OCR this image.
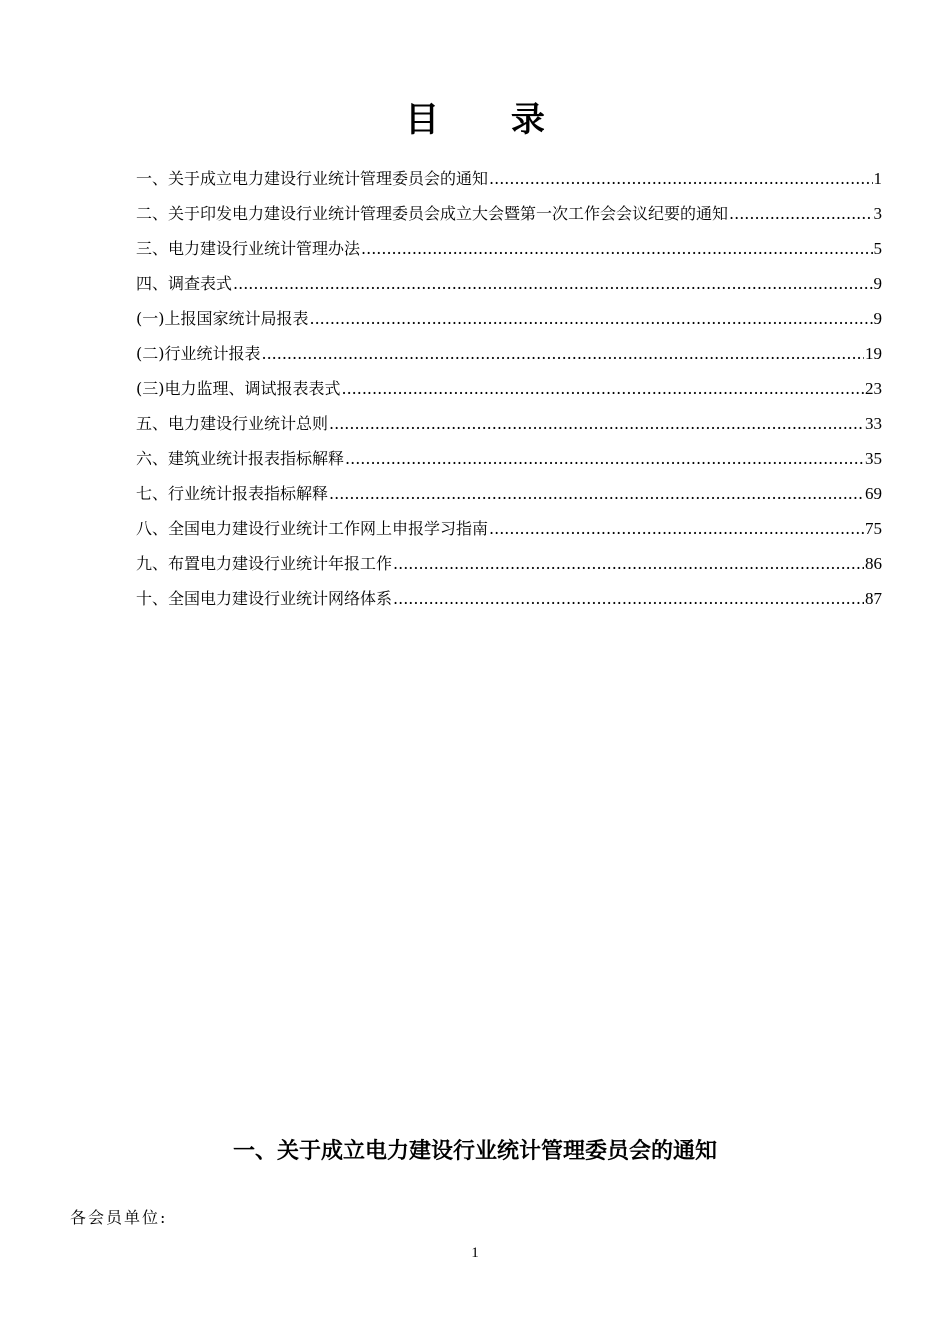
目 录
一、关于成立电力建设行业统计管理委员会的通知 .....	1
二、关于印发电力建设行业统计管理委员会成立大会暨第一次工作会会议纪要的通知 .....	3
三、电力建设行业统计管理办法 .....	5
四、调查表式 .....	9
(一)上报国家统计局报表 .....	9
(二)行业统计报表 .....	19
(三)电力监理、调试报表表式 .....	23
五、电力建设行业统计总则 .....	33
六、建筑业统计报表指标解释 .....	35
七、行业统计报表指标解释 .....	69
八、全国电力建设行业统计工作网上申报学习指南 .....	75
九、布置电力建设行业统计年报工作 .....	86
十、全国电力建设行业统计网络体系 .....	87
一、关于成立电力建设行业统计管理委员会的通知
各会员单位:
1
